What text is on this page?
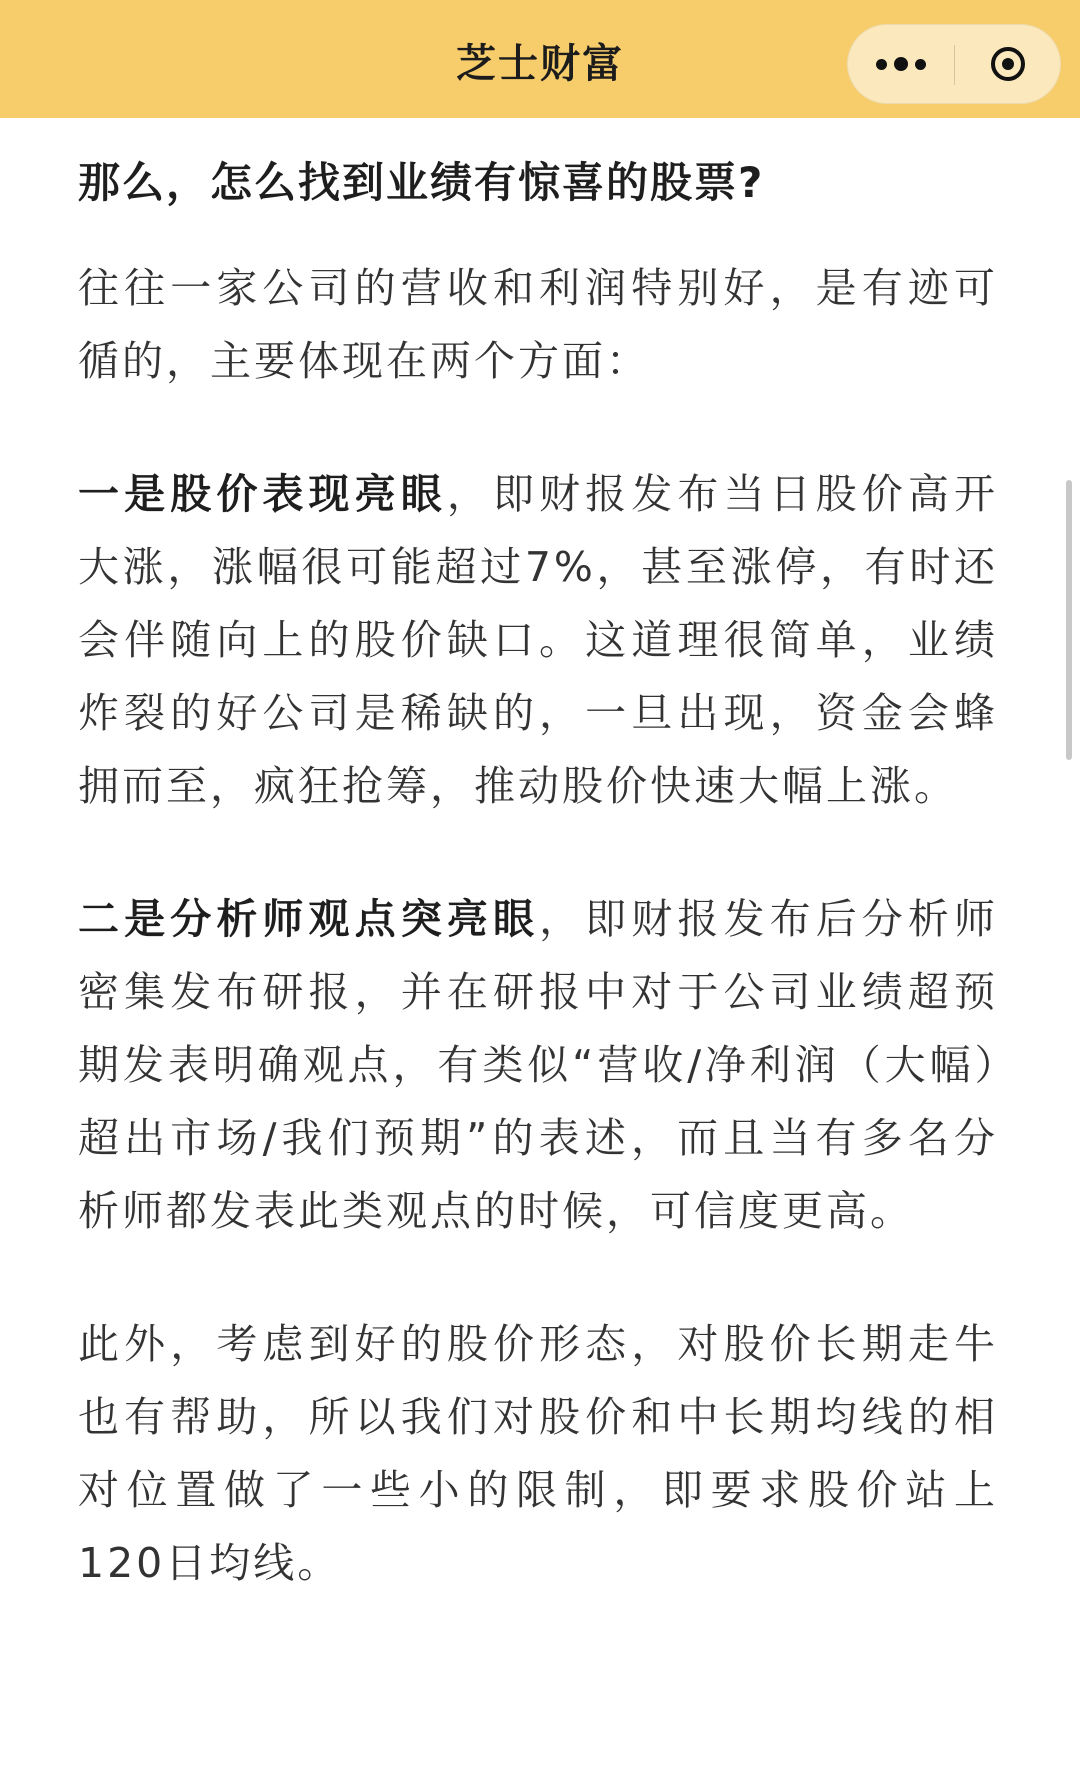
芝士财富
那么，怎么找到业绩有惊喜的股票?
往往一家公司的营收和利润特别好，是有迹可循的，主要体现在两个方面：
一是股价表现亮眼，即财报发布当日股价高开大涨，涨幅很可能超过7%，甚至涨停，有时还会伴随向上的股价缺口。这道理很简单，业绩炸裂的好公司是稀缺的，一旦出现，资金会蜂拥而至，疯狂抢筹，推动股价快速大幅上涨。
二是分析师观点突亮眼，即财报发布后分析师密集发布研报，并在研报中对于公司业绩超预期发表明确观点，有类似“营收/净利润（大幅）超出市场/我们预期”的表述，而且当有多名分析师都发表此类观点的时候，可信度更高。
此外，考虑到好的股价形态，对股价长期走牛也有帮助，所以我们对股价和中长期均线的相对位置做了一些小的限制，即要求股价站上120日均线。
